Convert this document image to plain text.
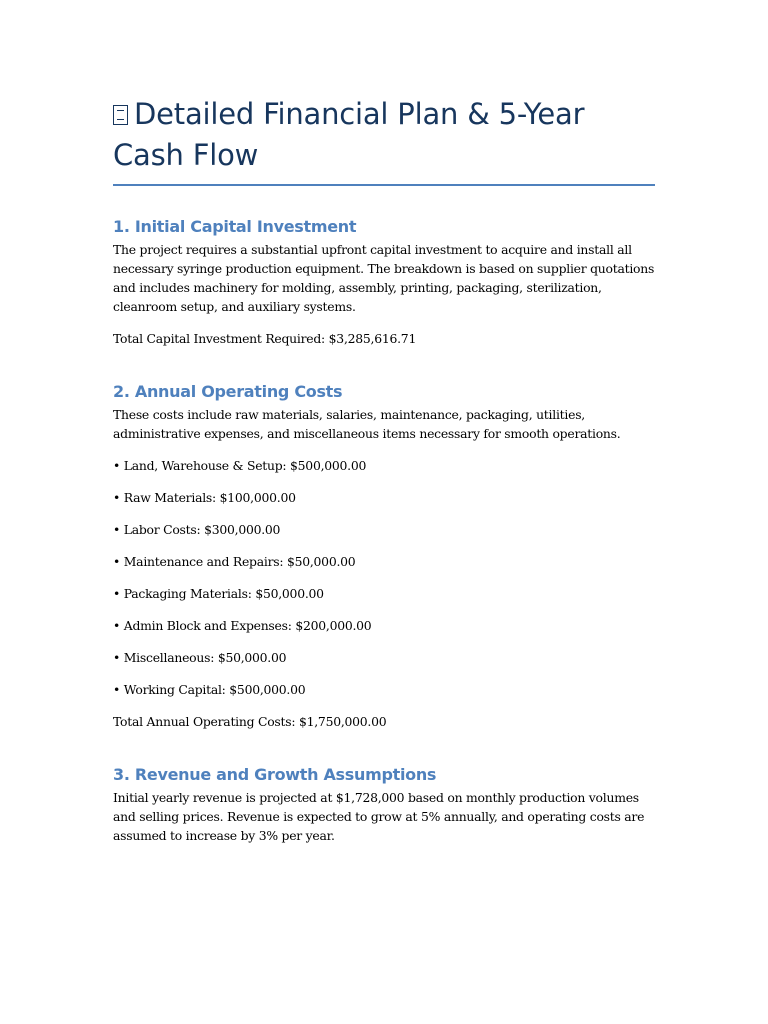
Detailed Financial Plan & 5-Year Cash Flow
1. Initial Capital Investment

The project requires a substantial upfront capital investment to acquire and install all necessary syringe production equipment. The breakdown is based on supplier quotations and includes machinery for molding, assembly, printing, packaging, sterilization, cleanroom setup, and auxiliary systems.

Total Capital Investment Required: $3,285,616.71

2. Annual Operating Costs

These costs include raw materials, salaries, maintenance, packaging, utilities, administrative expenses, and miscellaneous items necessary for smooth operations.

• Land, Warehouse & Setup: $500,000.00

• Raw Materials: $100,000.00

• Labor Costs: $300,000.00

• Maintenance and Repairs: $50,000.00

• Packaging Materials: $50,000.00

• Admin Block and Expenses: $200,000.00

• Miscellaneous: $50,000.00

• Working Capital: $500,000.00

Total Annual Operating Costs: $1,750,000.00

3. Revenue and Growth Assumptions

Initial yearly revenue is projected at $1,728,000 based on monthly production volumes and selling prices. Revenue is expected to grow at 5% annually, and operating costs are assumed to increase by 3% per year.
